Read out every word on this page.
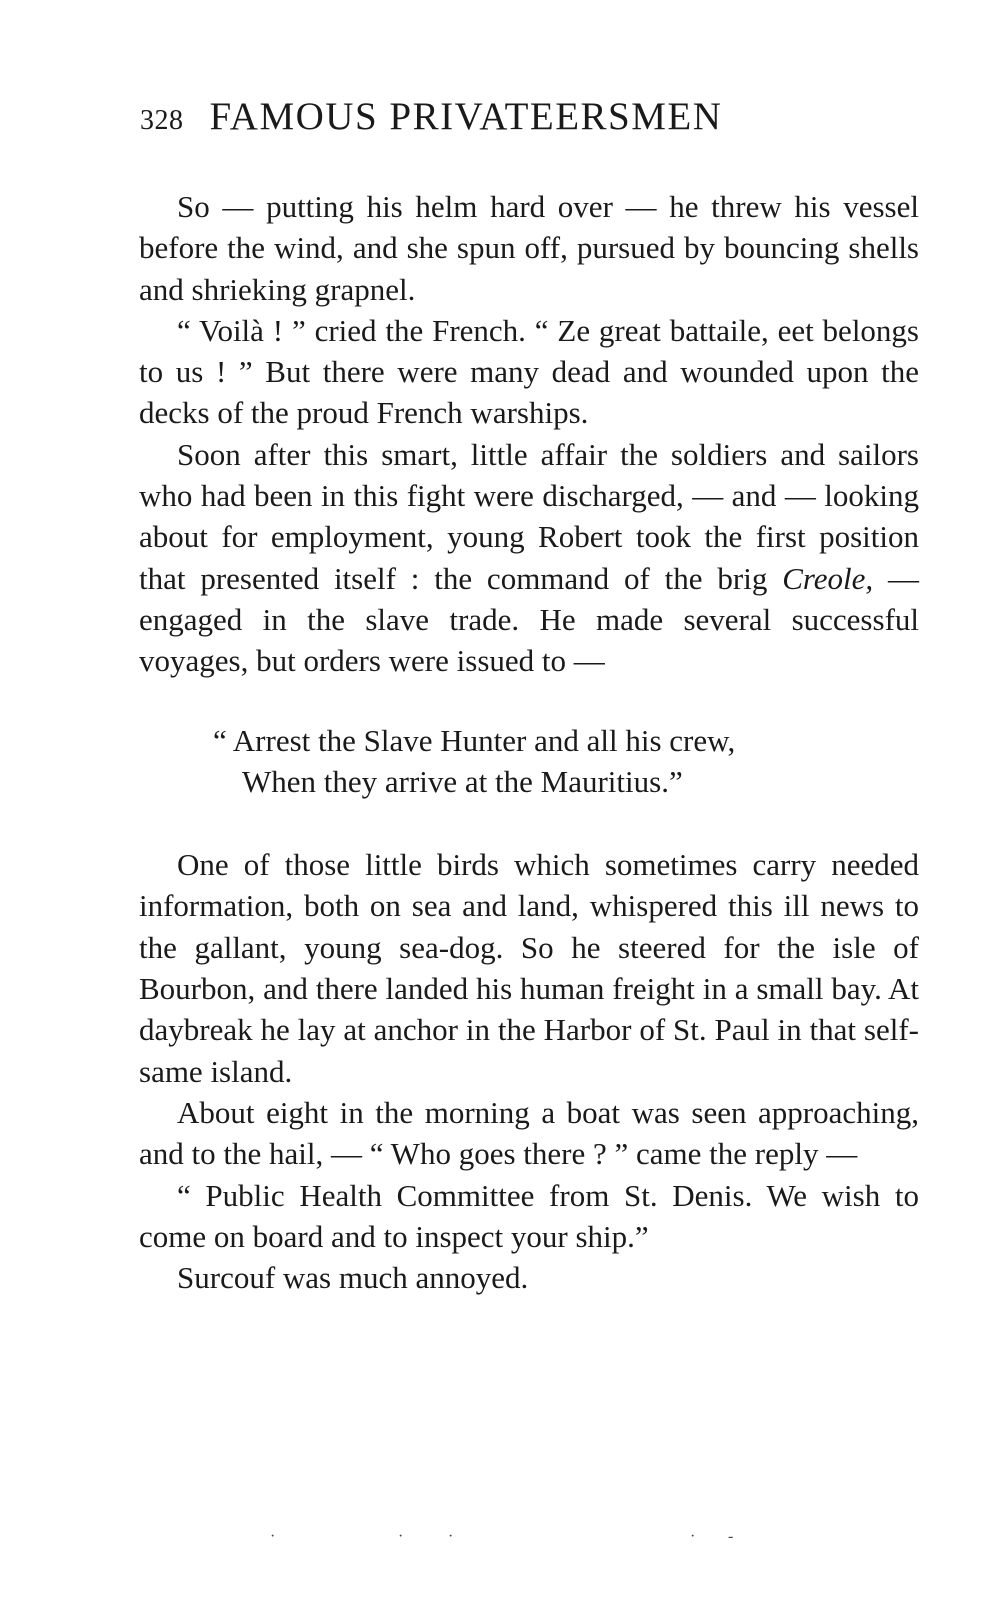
328 FAMOUS PRIVATEERSMEN

So — putting his helm hard over — he threw his vessel before the wind, and she spun off, pursued by bouncing shells and shrieking grapnel.

“ Voilà ! ” cried the French. “ Ze great battaile, eet belongs to us ! ” But there were many dead and wounded upon the decks of the proud French warships.

Soon after this smart, little affair the soldiers and sailors who had been in this fight were discharged, — and — looking about for employment, young Robert took the first position that presented itself : the command of the brig Creole, — engaged in the slave trade. He made several successful voyages, but orders were issued to —

“ Arrest the Slave Hunter and all his crew,
When they arrive at the Mauritius.”

One of those little birds which sometimes carry needed information, both on sea and land, whispered this ill news to the gallant, young sea-dog. So he steered for the isle of Bourbon, and there landed his human freight in a small bay. At daybreak he lay at anchor in the Harbor of St. Paul in that self-same island.

About eight in the morning a boat was seen approaching, and to the hail, — “ Who goes there ? ” came the reply —

“ Public Health Committee from St. Denis. We wish to come on board and to inspect your ship.”

Surcouf was much annoyed.

·	·	·	· -
